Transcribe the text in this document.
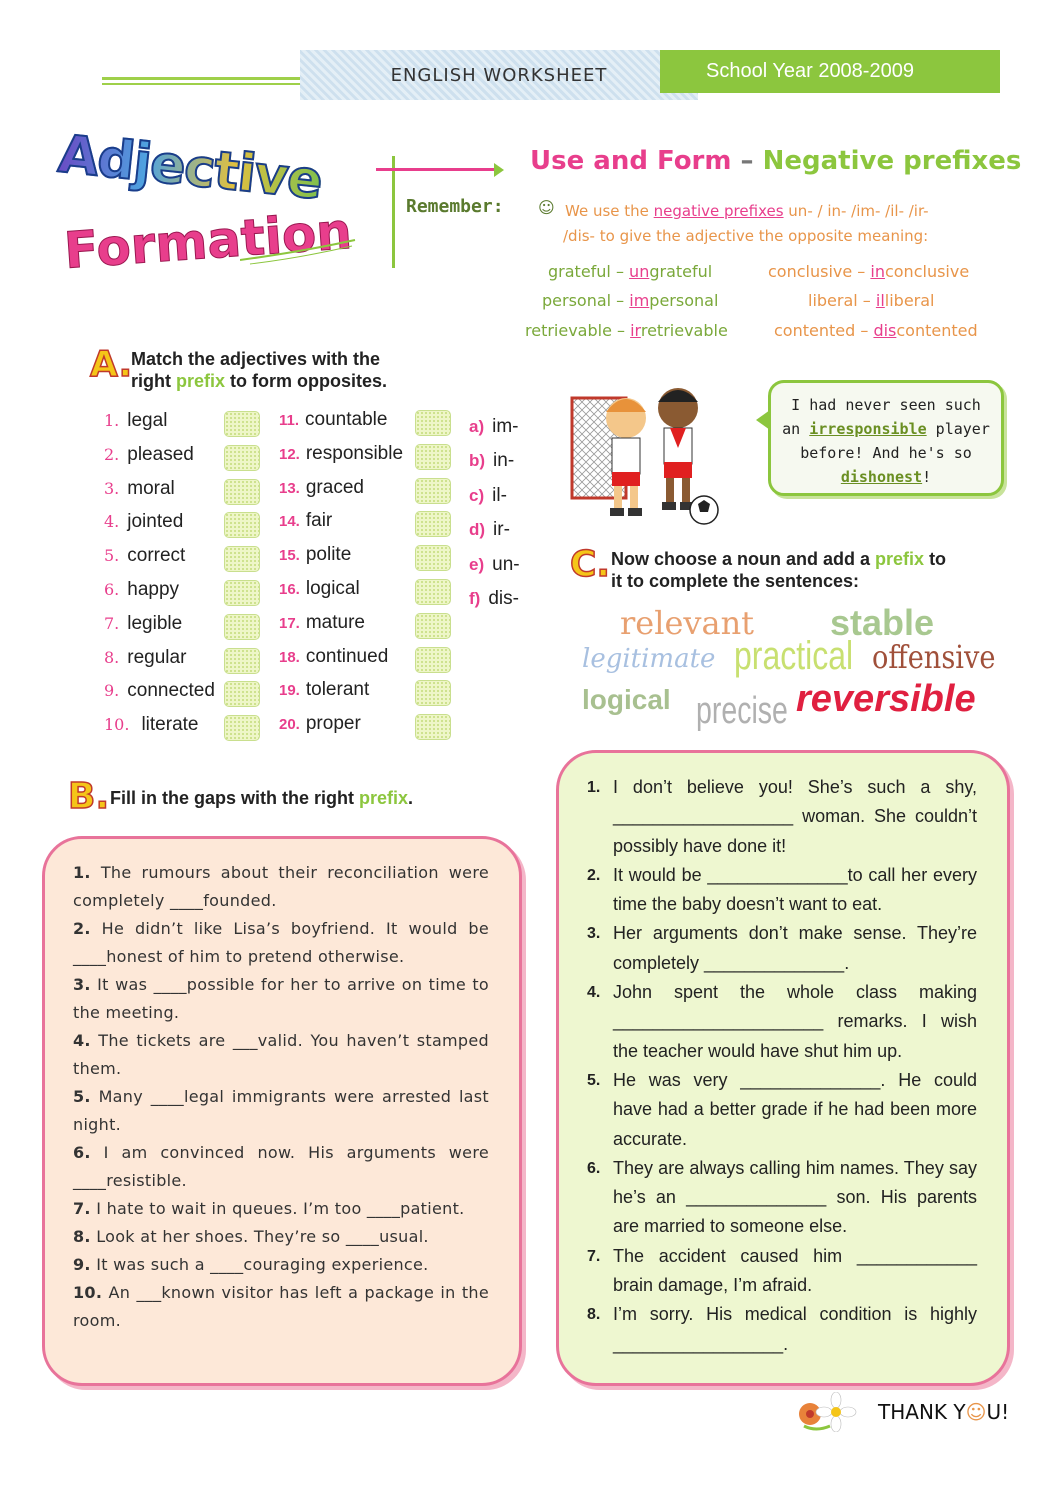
ENGLISH WORKSHEET	School Year 2008-2009
Adjective
Formation
Use and Form – Negative prefixes
Remember: ☺ We use the negative prefixes un- / in- /im- /il- /ir-
/dis- to give the adjective the opposite meaning:
grateful – ungrateful
personal – impersonal
retrievable – irretrievable
conclusive – inconclusive
liberal – illiberal
contented – discontented
A.
Match the adjectives with the
right prefix to form opposites.
1. legal
2. pleased
3. moral
4. jointed
5. correct
6. happy
7. legible
8. regular
9. connected
10. literate
11. countable
12. responsible
13. graced
14. fair
15. polite
16. logical
17. mature
18. continued
19. tolerant
20. proper
a) im-
b) in-
c) il-
d) ir-
e) un-
f) dis-
I had never seen such
an irresponsible player
before! And he's so
dishonest!
C. Now choose a noun and add a prefix to
it to complete the sentences:
relevant stable
legitimate practical offensive
logical precise reversible
B. Fill in the gaps with the right prefix.

1. The rumours about their reconciliation were completely ____founded.

2. He didn’t like Lisa’s boyfriend. It would be ____honest of him to pretend otherwise.

3. It was ____possible for her to arrive on time to the meeting.

4. The tickets are ___valid. You haven’t stamped them.

5. Many ____legal immigrants were arrested last night.

6. I am convinced now. His arguments were ____resistible.

7. I hate to wait in queues. I’m too ____patient.

8. Look at her shoes. They’re so ____usual.

9. It was such a ____couraging experience.

10. An ___known visitor has left a package in the room.

1. I don’t believe you! She’s such a shy, __________________ woman. She couldn’t possibly have done it!
2. It would be ______________to call her every time the baby doesn’t want to eat.
3. Her arguments don’t make sense. They’re completely ______________.
4. John spent the whole class making _____________________ remarks. I wish the teacher would have shut him up.
5. He was very ______________. He could have had a better grade if he had been more accurate.
6. They are always calling him names. They say he’s an ______________ son. His parents are married to someone else.
7. The accident caused him ____________ brain damage, I’m afraid.
8. I’m sorry. His medical condition is highly _________________.
THANK Y☺U!
